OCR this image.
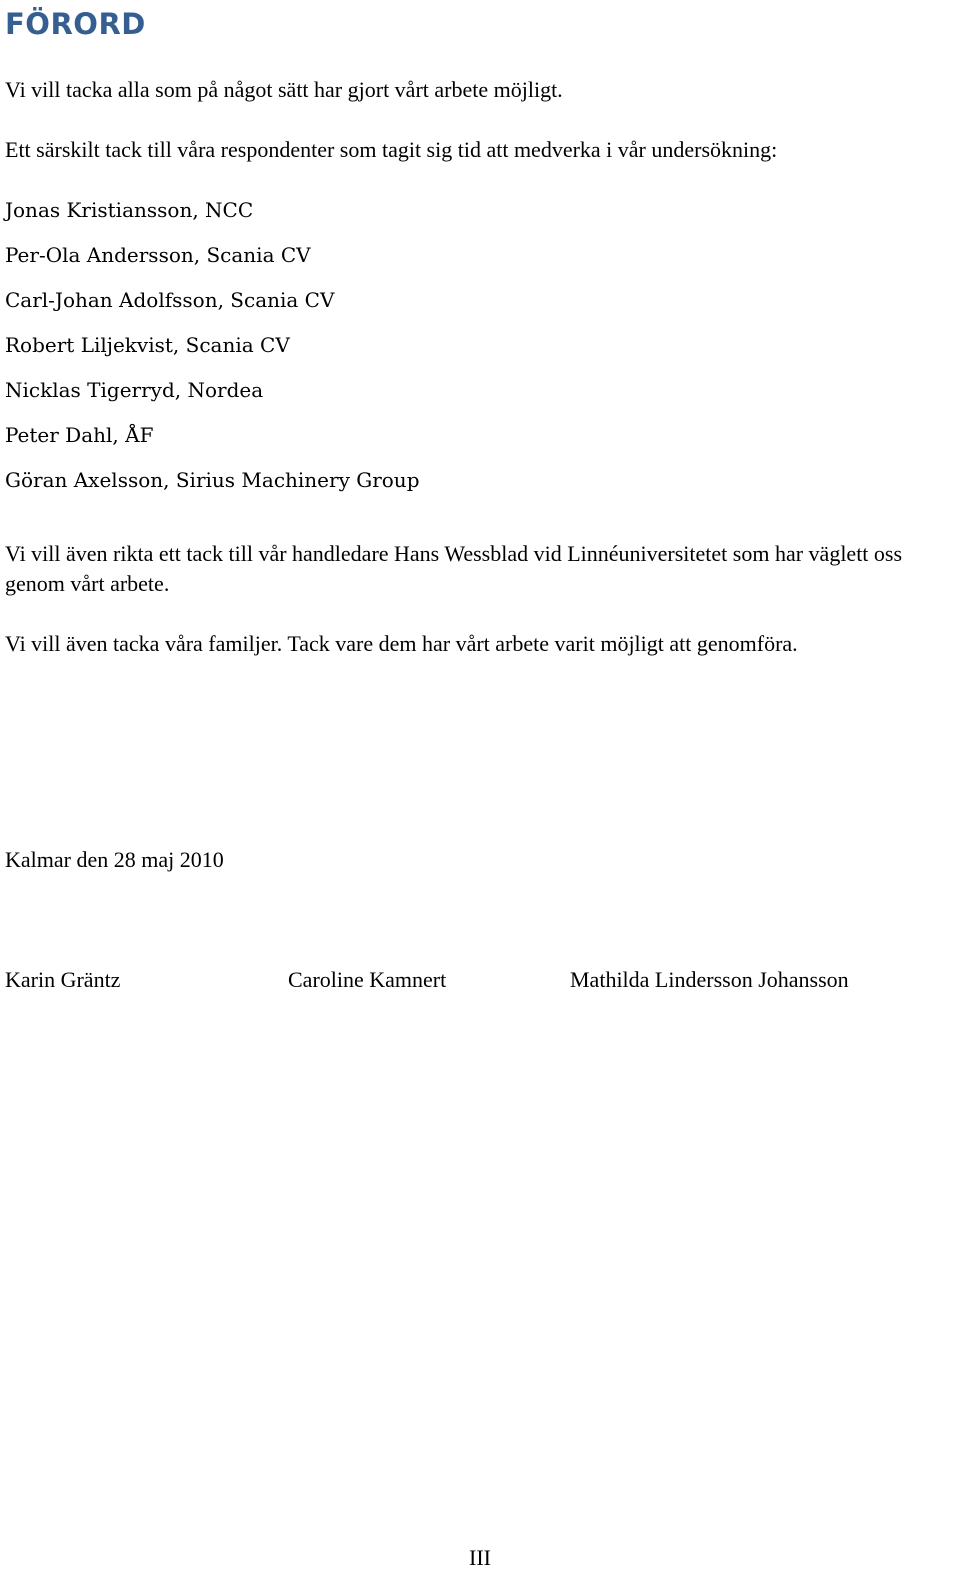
FÖRORD

Vi vill tacka alla som på något sätt har gjort vårt arbete möjligt.

Ett särskilt tack till våra respondenter som tagit sig tid att medverka i vår undersökning:

Jonas Kristiansson, NCC

Per-Ola Andersson, Scania CV

Carl-Johan Adolfsson, Scania CV

Robert Liljekvist, Scania CV

Nicklas Tigerryd, Nordea

Peter Dahl, ÅF

Göran Axelsson, Sirius Machinery Group

Vi vill även rikta ett tack till vår handledare Hans Wessblad vid Linnéuniversitetet som har väglett oss genom vårt arbete.

Vi vill även tacka våra familjer. Tack vare dem har vårt arbete varit möjligt att genomföra.

Kalmar den 28 maj 2010

Karin Gräntz	Caroline Kamnert	Mathilda Lindersson Johansson

III
